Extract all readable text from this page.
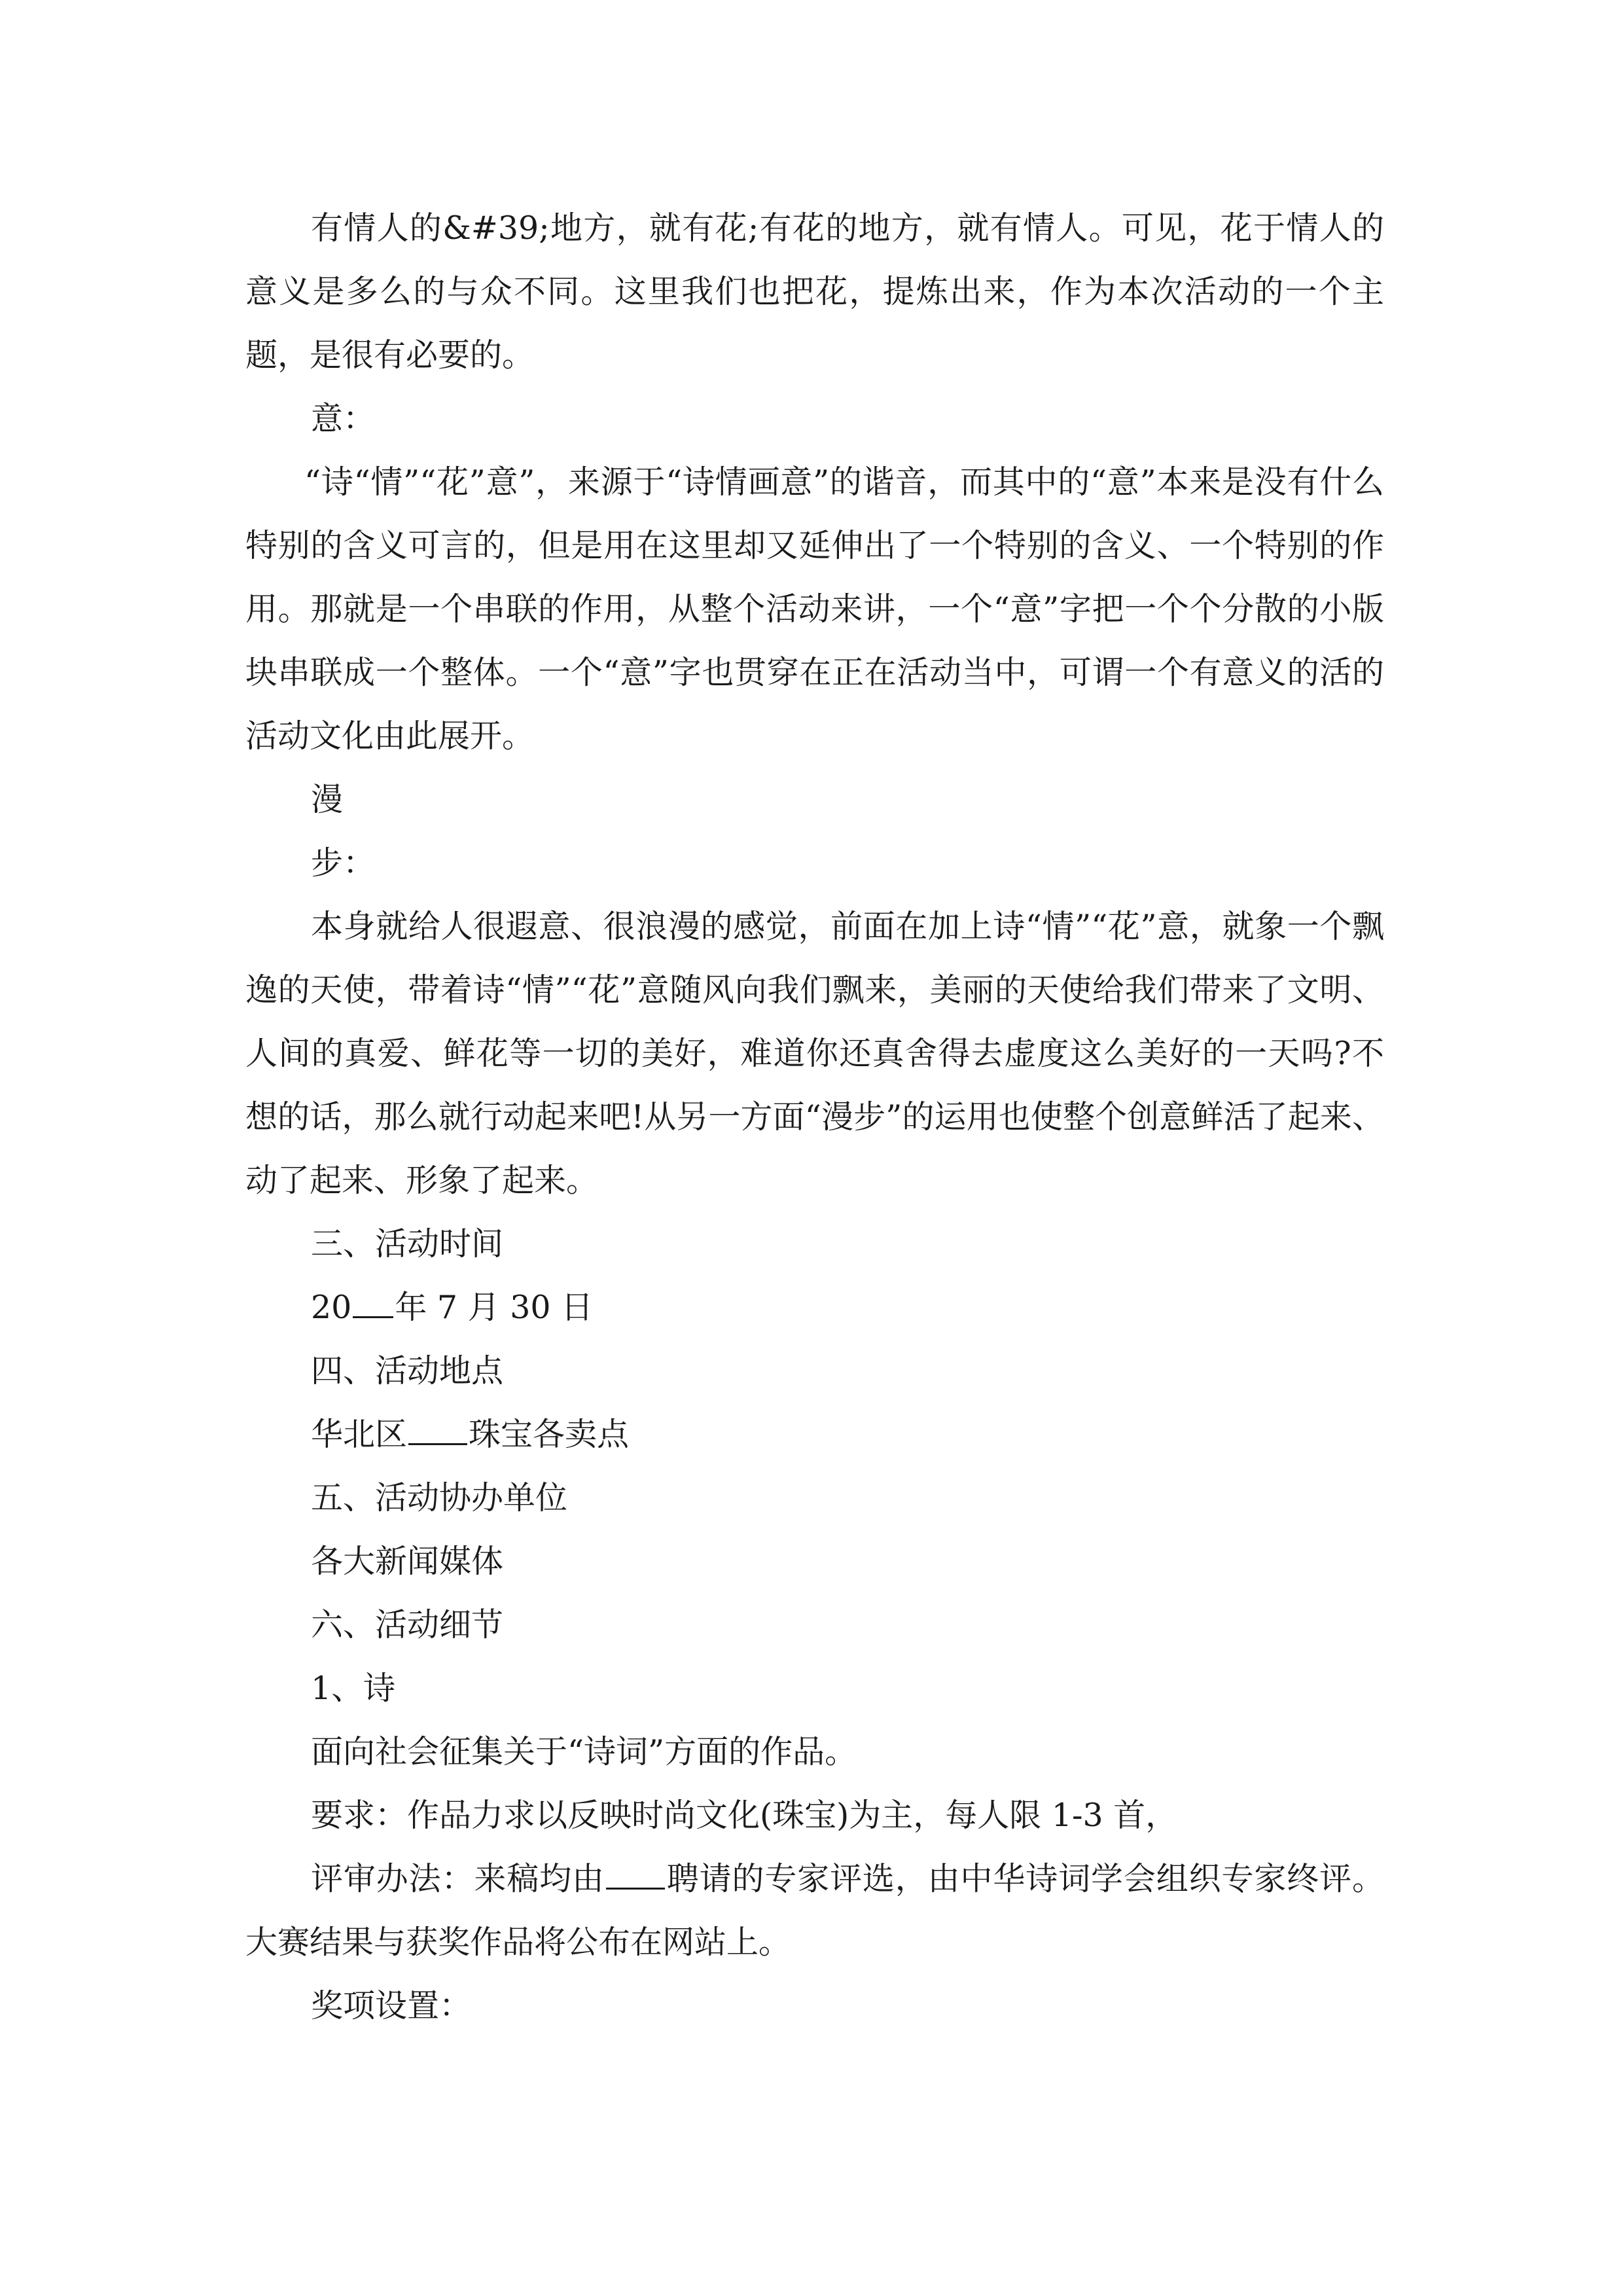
有情人的&#39;地方，就有花;有花的地方，就有情人。可见，花于情人的意义是多么的与众不同。这里我们也把花，提炼出来，作为本次活动的一个主题，是很有必要的。

意：

“诗“情”“花”意”，来源于“诗情画意”的谐音，而其中的“意”本来是没有什么特别的含义可言的，但是用在这里却又延伸出了一个特别的含义、一个特别的作用。那就是一个串联的作用，从整个活动来讲，一个“意”字把一个个分散的小版块串联成一个整体。一个“意”字也贯穿在正在活动当中，可谓一个有意义的活的活动文化由此展开。

漫

步：

本身就给人很遐意、很浪漫的感觉，前面在加上诗“情”“花”意，就象一个飘逸的天使，带着诗“情”“花”意随风向我们飘来，美丽的天使给我们带来了文明、人间的真爱、鲜花等一切的美好，难道你还真舍得去虚度这么美好的一天吗?不想的话，那么就行动起来吧!从另一方面“漫步”的运用也使整个创意鲜活了起来、动了起来、形象了起来。

三、活动时间

20 年 7 月 30 日

四、活动地点

华北区 珠宝各卖点

五、活动协办单位

各大新闻媒体

六、活动细节

1、诗

面向社会征集关于“诗词”方面的作品。

要求：作品力求以反映时尚文化(珠宝)为主，每人限 1-3 首，

评审办法：来稿均由 聘请的专家评选，由中华诗词学会组织专家终评。大赛结果与获奖作品将公布在网站上。

奖项设置：
